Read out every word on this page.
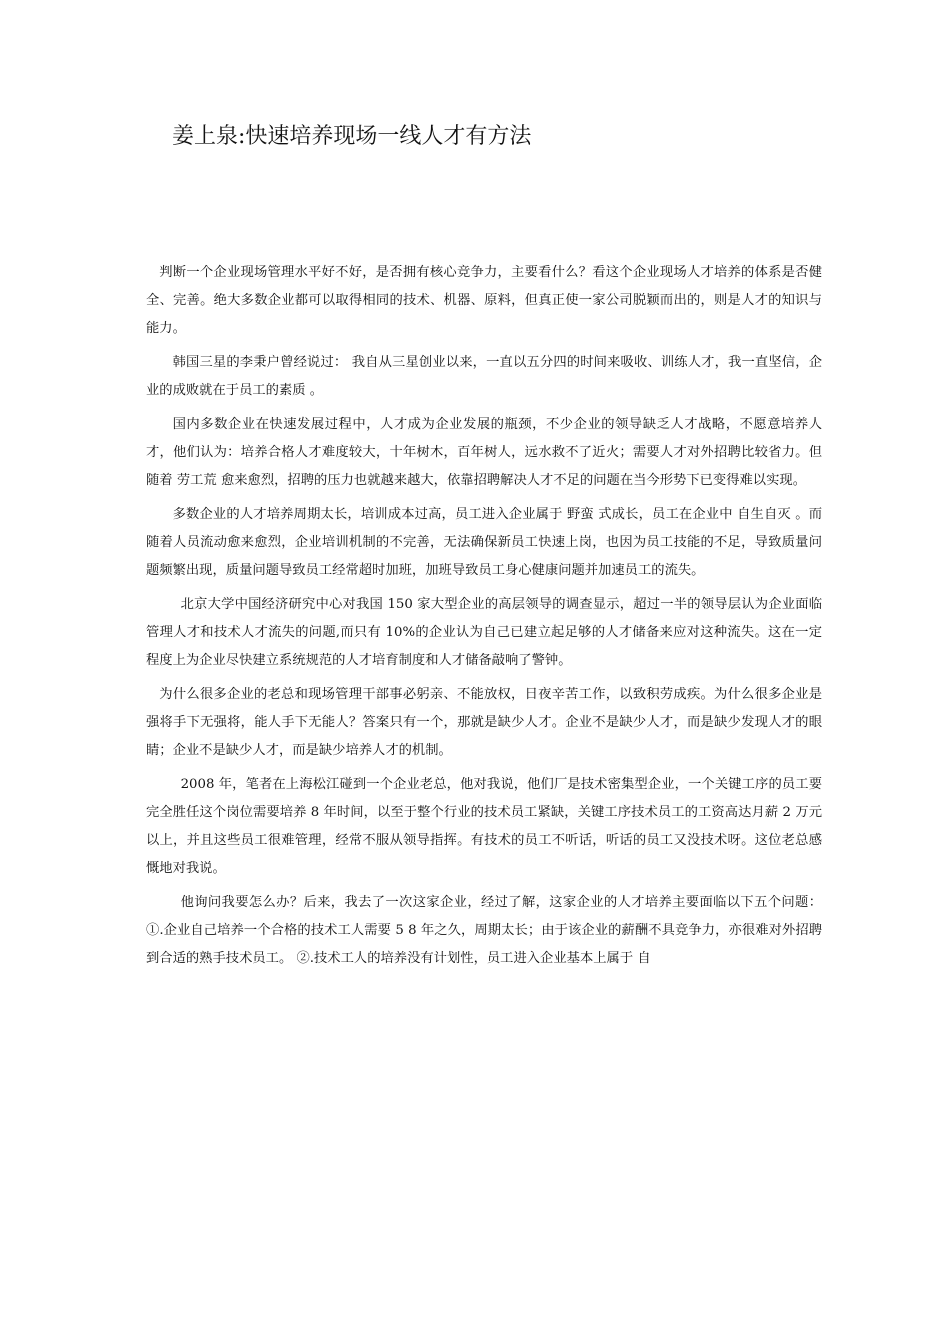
姜上泉:快速培养现场一线人才有方法

判断一个企业现场管理水平好不好，是否拥有核心竞争力，主要看什么？看这个企业现场人才培养的体系是否健全、完善。绝大多数企业都可以取得相同的技术、机器、原料，但真正使一家公司脱颖而出的，则是人才的知识与能力。

韩国三星的李秉户曾经说过： 我自从三星创业以来，一直以五分四的时间来吸收、训练人才，我一直坚信，企业的成败就在于员工的素质 。

国内多数企业在快速发展过程中，人才成为企业发展的瓶颈，不少企业的领导缺乏人才战略，不愿意培养人才，他们认为：培养合格人才难度较大，十年树木，百年树人，远水救不了近火；需要人才对外招聘比较省力。但随着 劳工荒 愈来愈烈，招聘的压力也就越来越大，依靠招聘解决人才不足的问题在当今形势下已变得难以实现。

多数企业的人才培养周期太长，培训成本过高，员工进入企业属于 野蛮 式成长，员工在企业中 自生自灭 。而随着人员流动愈来愈烈，企业培训机制的不完善，无法确保新员工快速上岗，也因为员工技能的不足，导致质量问题频繁出现，质量问题导致员工经常超时加班，加班导致员工身心健康问题并加速员工的流失。

北京大学中国经济研究中心对我国 150 家大型企业的高层领导的调查显示，超过一半的领导层认为企业面临管理人才和技术人才流失的问题,而只有 10%的企业认为自己已建立起足够的人才储备来应对这种流失。这在一定程度上为企业尽快建立系统规范的人才培育制度和人才储备敲响了警钟。

为什么很多企业的老总和现场管理干部事必躬亲、不能放权，日夜辛苦工作，以致积劳成疾。为什么很多企业是强将手下无强将，能人手下无能人？答案只有一个，那就是缺少人才。企业不是缺少人才，而是缺少发现人才的眼睛；企业不是缺少人才，而是缺少培养人才的机制。

2008 年，笔者在上海松江碰到一个企业老总，他对我说，他们厂是技术密集型企业，一个关键工序的员工要完全胜任这个岗位需要培养 8 年时间，以至于整个行业的技术员工紧缺，关键工序技术员工的工资高达月薪 2 万元以上，并且这些员工很难管理，经常不服从领导指挥。有技术的员工不听话，听话的员工又没技术呀。这位老总感慨地对我说。

他询问我要怎么办？后来，我去了一次这家企业，经过了解，这家企业的人才培养主要面临以下五个问题：①.企业自己培养一个合格的技术工人需要 5 8 年之久，周期太长；由于该企业的薪酬不具竞争力，亦很难对外招聘到合适的熟手技术员工。 ②.技术工人的培养没有计划性，员工进入企业基本上属于 自
